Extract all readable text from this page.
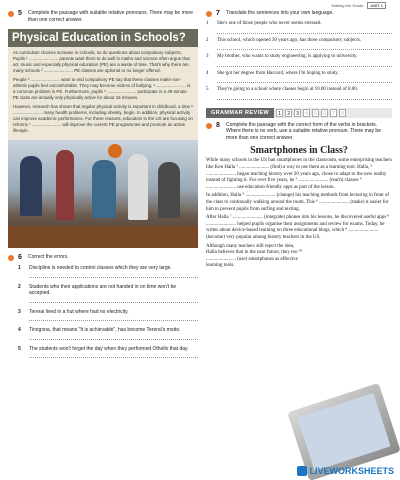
Making the Grade	UNIT 1
5	Complete the passage with suitable relative pronouns. There may be more than one correct answer.
Physical Education in Schools?

As curriculum choices increase in schools, so do questions about compulsory subjects. Pupils ¹ ........................ parents want them to do well in maths and science often argue that art, music and especially physical education (PE) are a waste of time. That's why there are many schools ² ........................ PE classes are optional or no longer offered.

People ³ ........................ want to end compulsory PE say that these classes make non-athletic pupils feel uncomfortable. They may become victims of bullying, ⁴ ........................ is a common problem in PE. Furthermore, pupils ⁵ ........................ participate in a 45-minute PE class are actually only physically active for about 15 minutes.

However, research has shown that regular physical activity is important in childhood, a time ⁶ ........................ many health problems, including obesity, begin. In addition, physical activity can improve academic performance. For these reasons, educators in the US are focusing on reforms ⁷ ........................ will improve the current PE programmes and promote an active lifestyle.

6	Correct the errors.
1	Discipline is needed to control classes which they are very large.
2	Students who their applications are not handed in on time won't be accepted.
3	Tererai lived in a hut where had no electricity.
4	Tinogona, that means "It is achievable", has become Tererai's motto.
5	The students won't forget the day when they performed Othello that day.
7	Translate the sentences into your own language.
1	She's one of those people who never seems stressed.
2	This school, which opened 30 years ago, has three compulsory subjects.
3	My brother, who wants to study engineering, is applying to university.
4	She got her degree from Harvard, where I'm hoping to study.
5	They're going to a school where classes begin at 10.00 instead of 8.00.
GRAMMAR REVIEW	1	2	3	4	5	6	7	8
8	Complete the passage with the correct form of the verbs in brackets. Where there is no verb, use a suitable relative pronoun. There may be more than one correct answer.
Smartphones in Class?

While many schools in the US ban smartphones in the classroom, some enterprising teachers like Ken Halla ¹ ........................ (find) a way to use them as a learning tool. Halla, ² ........................ began teaching history over 20 years ago, chose to adapt to the new reality instead of fighting it. For over five years, he ³ ........................ (teach) classes ⁴ ........................ use education-friendly apps as part of the lesson.

In addition, Halla ⁵ ........................ (change) his teaching methods from lecturing in front of the class to continually walking around the room. This ⁶ ........................ (make) it easier for him to prevent pupils from surfing and texting.

After Halla ⁷ ........................ (integrate) phones into his lessons, he discovered useful apps ⁸ ........................ helped pupils organise their assignments and review for exams. Today, he writes about device-based learning on three educational blogs, which ⁹ ........................ (become) very popular among history teachers in the US.

Although many teachers still reject the idea, Halla believes that in the near future, they too ¹⁰ ........................ (use) smartphones as effective learning tools.

LIVEWORKSHEETS
